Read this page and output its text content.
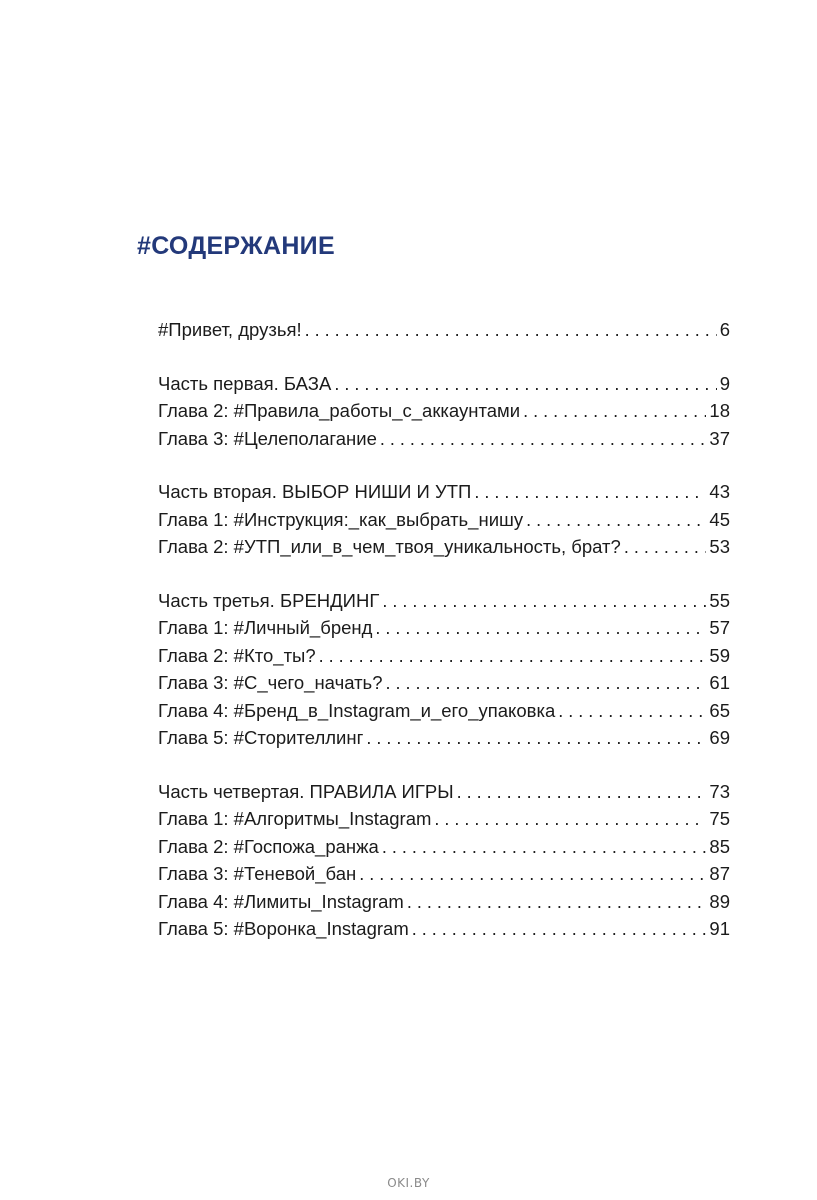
#СОДЕРЖАНИЕ
#Привет, друзья! . . .	6
Часть первая. БАЗА . . .	9
Глава 2: #Правила_работы_с_аккаунтами . . .	18
Глава 3: #Целеполагание . . .	37
Часть вторая. ВЫБОР НИШИ И УТП . . .	43
Глава 1: #Инструкция:_как_выбрать_нишу . . .	45
Глава 2: #УТП_или_в_чем_твоя_уникальность, брат? . . .	53
Часть третья. БРЕНДИНГ . . .	55
Глава 1: #Личный_бренд . . .	57
Глава 2: #Кто_ты? . . .	59
Глава 3: #С_чего_начать? . . .	61
Глава 4: #Бренд_в_Instagram_и_его_упаковка . . .	65
Глава 5: #Сторителлинг . . .	69
Часть четвертая. ПРАВИЛА ИГРЫ . . .	73
Глава 1: #Алгоритмы_Instagram . . .	75
Глава 2: #Госпожа_ранжа . . .	85
Глава 3: #Теневой_бан . . .	87
Глава 4: #Лимиты_Instagram . . .	89
Глава 5: #Воронка_Instagram . . .	91
OKI.BY
